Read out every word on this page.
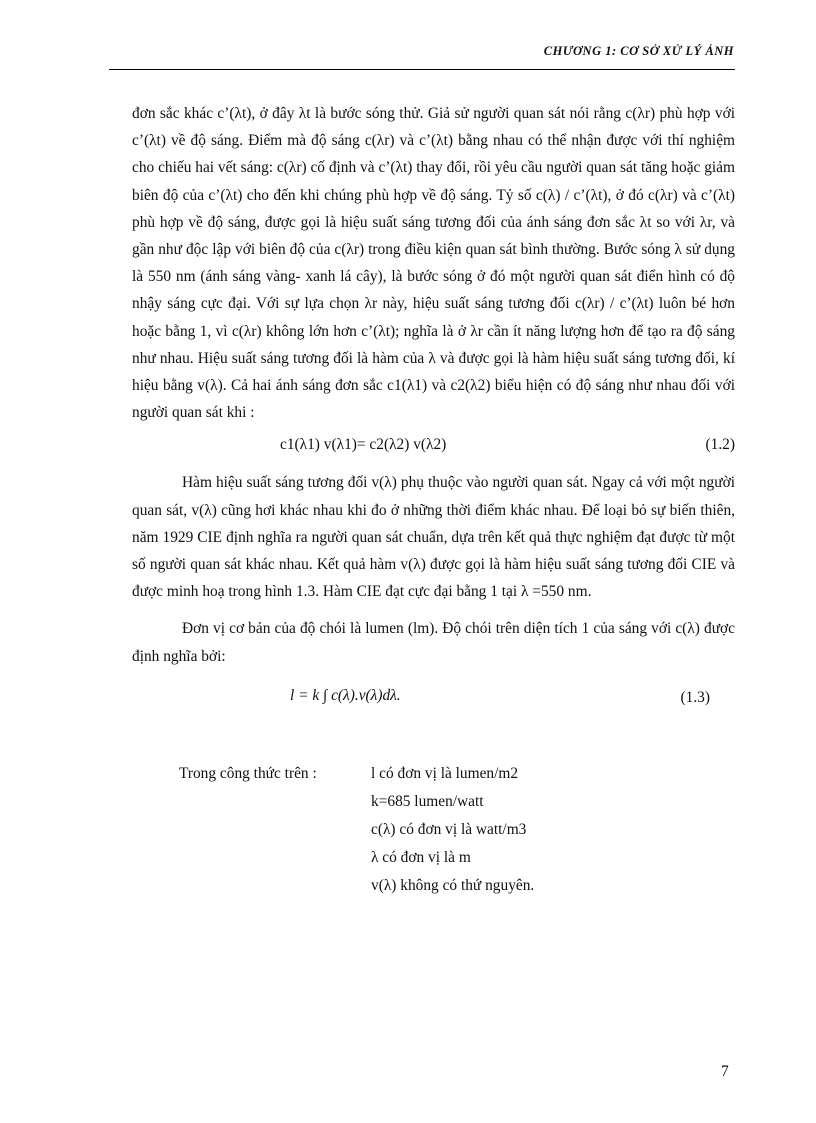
CHƯƠNG 1: CƠ SỞ XỬ LÝ ẢNH

đơn sắc khác c’(λt), ở đây λt là bước sóng thử. Giả sử người quan sát nói rằng c(λr) phù hợp với c’(λt) về độ sáng. Điểm mà độ sáng c(λr) và c’(λt) bằng nhau có thể nhận được với thí nghiệm cho chiếu hai vết sáng: c(λr) cố định và c’(λt) thay đổi, rồi yêu cầu người quan sát tăng hoặc giảm biên độ của c’(λt) cho đến khi chúng phù hợp về độ sáng. Tỷ số c(λ) / c’(λt), ở đó c(λr) và c’(λt) phù hợp về độ sáng, được gọi là hiệu suất sáng tương đối của ánh sáng đơn sắc λt so với λr, và gần như độc lập với biên độ của c(λr) trong điều kiện quan sát bình thường. Bước sóng λ sử dụng là 550 nm (ánh sáng vàng- xanh lá cây), là bước sóng ở đó một người quan sát điển hình có độ nhậy sáng cực đại. Với sự lựa chọn λr này, hiệu suất sáng tương đối c(λr) / c’(λt) luôn bé hơn hoặc bằng 1, vì c(λr) không lớn hơn c’(λt); nghĩa là ở λr cần ít năng lượng hơn để tạo ra độ sáng như nhau. Hiệu suất sáng tương đối là hàm của λ và được gọi là hàm hiệu suất sáng tương đối, kí hiệu bằng v(λ). Cả hai ánh sáng đơn sắc c1(λ1) và c2(λ2) biểu hiện có độ sáng như nhau đối với người quan sát khi :

c1(λ1) v(λ1)= c2(λ2) v(λ2)	(1.2)

Hàm hiệu suất sáng tương đối v(λ) phụ thuộc vào người quan sát. Ngay cả với một người quan sát, v(λ) cũng hơi khác nhau khi đo ở những thời điểm khác nhau. Để loại bỏ sự biến thiên, năm 1929 CIE định nghĩa ra người quan sát chuẩn, dựa trên kết quả thực nghiệm đạt được từ một số người quan sát khác nhau. Kết quả hàm v(λ) được gọi là hàm hiệu suất sáng tương đối CIE và được minh hoạ trong hình 1.3. Hàm CIE đạt cực đại bằng 1 tại λ =550 nm.

Đơn vị cơ bản của độ chói là lumen (lm). Độ chói trên diện tích 1 của sáng với c(λ) được định nghĩa bởi:

l = k ∫ c(λ).v(λ)dλ.	(1.3)
Trong công thức trên :	l có đơn vị là lumen/m2
k=685 lumen/watt
c(λ) có đơn vị là watt/m3
λ có đơn vị là m
v(λ) không có thứ nguyên.
7
